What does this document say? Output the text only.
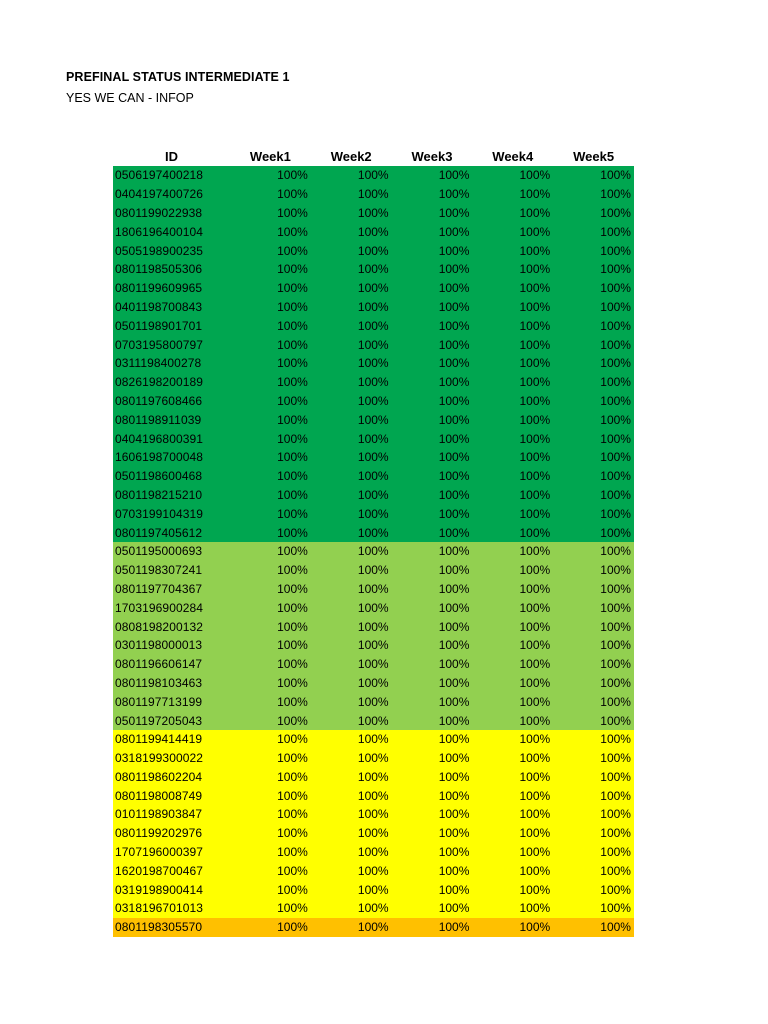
PREFINAL STATUS INTERMEDIATE 1
YES WE CAN - INFOP
ID	Week1	Week2	Week3	Week4	Week5
0506197400218	100%	100%	100%	100%	100%
0404197400726	100%	100%	100%	100%	100%
0801199022938	100%	100%	100%	100%	100%
1806196400104	100%	100%	100%	100%	100%
0505198900235	100%	100%	100%	100%	100%
0801198505306	100%	100%	100%	100%	100%
0801199609965	100%	100%	100%	100%	100%
0401198700843	100%	100%	100%	100%	100%
0501198901701	100%	100%	100%	100%	100%
0703195800797	100%	100%	100%	100%	100%
0311198400278	100%	100%	100%	100%	100%
0826198200189	100%	100%	100%	100%	100%
0801197608466	100%	100%	100%	100%	100%
0801198911039	100%	100%	100%	100%	100%
0404196800391	100%	100%	100%	100%	100%
1606198700048	100%	100%	100%	100%	100%
0501198600468	100%	100%	100%	100%	100%
0801198215210	100%	100%	100%	100%	100%
0703199104319	100%	100%	100%	100%	100%
0801197405612	100%	100%	100%	100%	100%
0501195000693	100%	100%	100%	100%	100%
0501198307241	100%	100%	100%	100%	100%
0801197704367	100%	100%	100%	100%	100%
1703196900284	100%	100%	100%	100%	100%
0808198200132	100%	100%	100%	100%	100%
0301198000013	100%	100%	100%	100%	100%
0801196606147	100%	100%	100%	100%	100%
0801198103463	100%	100%	100%	100%	100%
0801197713199	100%	100%	100%	100%	100%
0501197205043	100%	100%	100%	100%	100%
0801199414419	100%	100%	100%	100%	100%
0318199300022	100%	100%	100%	100%	100%
0801198602204	100%	100%	100%	100%	100%
0801198008749	100%	100%	100%	100%	100%
0101198903847	100%	100%	100%	100%	100%
0801199202976	100%	100%	100%	100%	100%
1707196000397	100%	100%	100%	100%	100%
1620198700467	100%	100%	100%	100%	100%
0319198900414	100%	100%	100%	100%	100%
0318196701013	100%	100%	100%	100%	100%
0801198305570	100%	100%	100%	100%	100%
